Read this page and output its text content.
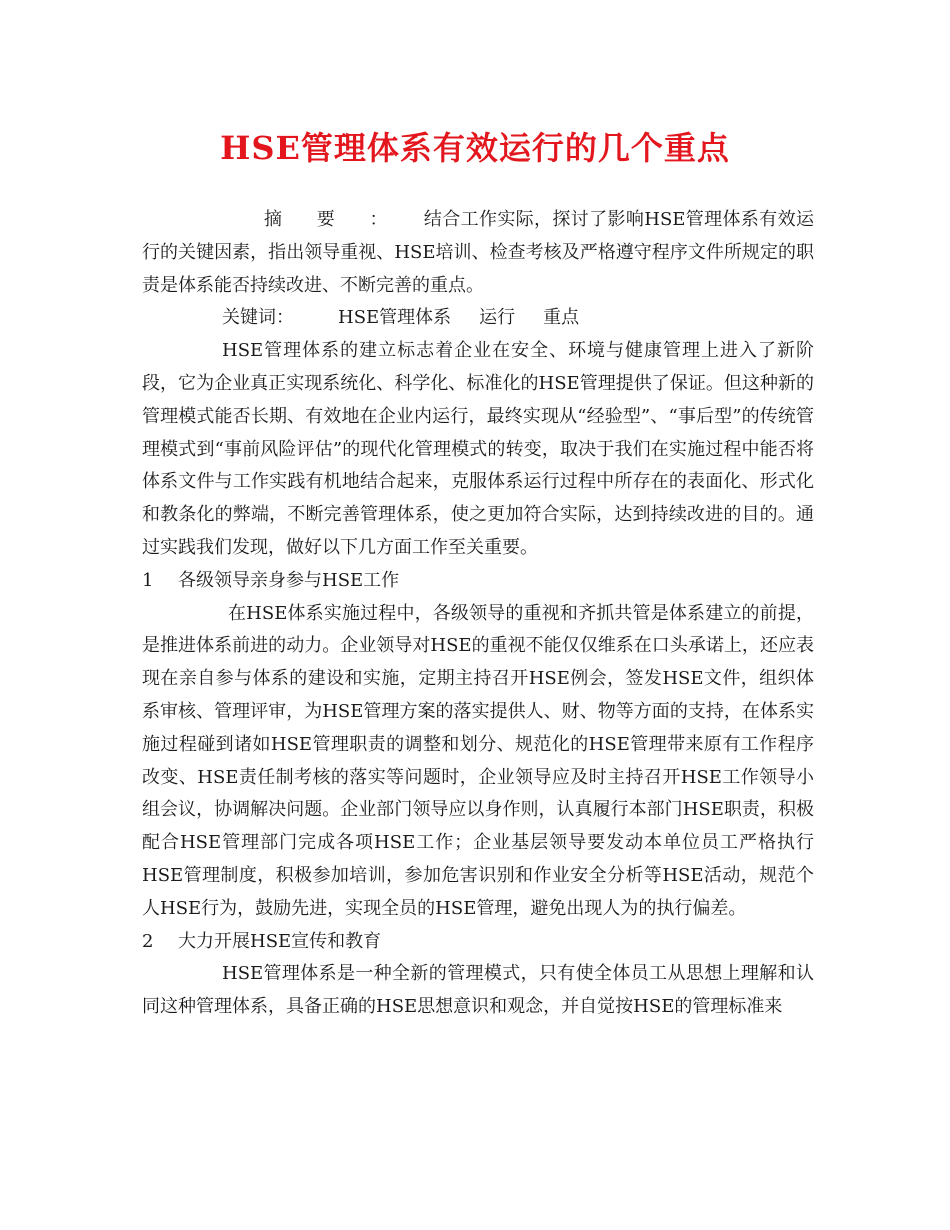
HSE管理体系有效运行的几个重点

摘　要　： 结合工作实际，探讨了影响HSE管理体系有效运行的关键因素，指出领导重视、HSE培训、检查考核及严格遵守程序文件所规定的职责是体系能否持续改进、不断完善的重点。

关键词： HSE管理体系 运行 重点

HSE管理体系的建立标志着企业在安全、环境与健康管理上进入了新阶段，它为企业真正实现系统化、科学化、标准化的HSE管理提供了保证。但这种新的管理模式能否长期、有效地在企业内运行，最终实现从“经验型”、“事后型”的传统管理模式到“事前风险评估”的现代化管理模式的转变，取决于我们在实施过程中能否将体系文件与工作实践有机地结合起来，克服体系运行过程中所存在的表面化、形式化和教条化的弊端，不断完善管理体系，使之更加符合实际，达到持续改进的目的。通过实践我们发现，做好以下几方面工作至关重要。

1 各级领导亲身参与HSE工作

在HSE体系实施过程中，各级领导的重视和齐抓共管是体系建立的前提，是推进体系前进的动力。企业领导对HSE的重视不能仅仅维系在口头承诺上，还应表现在亲自参与体系的建设和实施，定期主持召开HSE例会，签发HSE文件，组织体系审核、管理评审，为HSE管理方案的落实提供人、财、物等方面的支持，在体系实施过程碰到诸如HSE管理职责的调整和划分、规范化的HSE管理带来原有工作程序改变、HSE责任制考核的落实等问题时，企业领导应及时主持召开HSE工作领导小组会议，协调解决问题。企业部门领导应以身作则，认真履行本部门HSE职责，积极配合HSE管理部门完成各项HSE工作；企业基层领导要发动本单位员工严格执行HSE管理制度，积极参加培训，参加危害识别和作业安全分析等HSE活动，规范个人HSE行为，鼓励先进，实现全员的HSE管理，避免出现人为的执行偏差。

2 大力开展HSE宣传和教育

HSE管理体系是一种全新的管理模式，只有使全体员工从思想上理解和认同这种管理体系，具备正确的HSE思想意识和观念，并自觉按HSE的管理标准来
